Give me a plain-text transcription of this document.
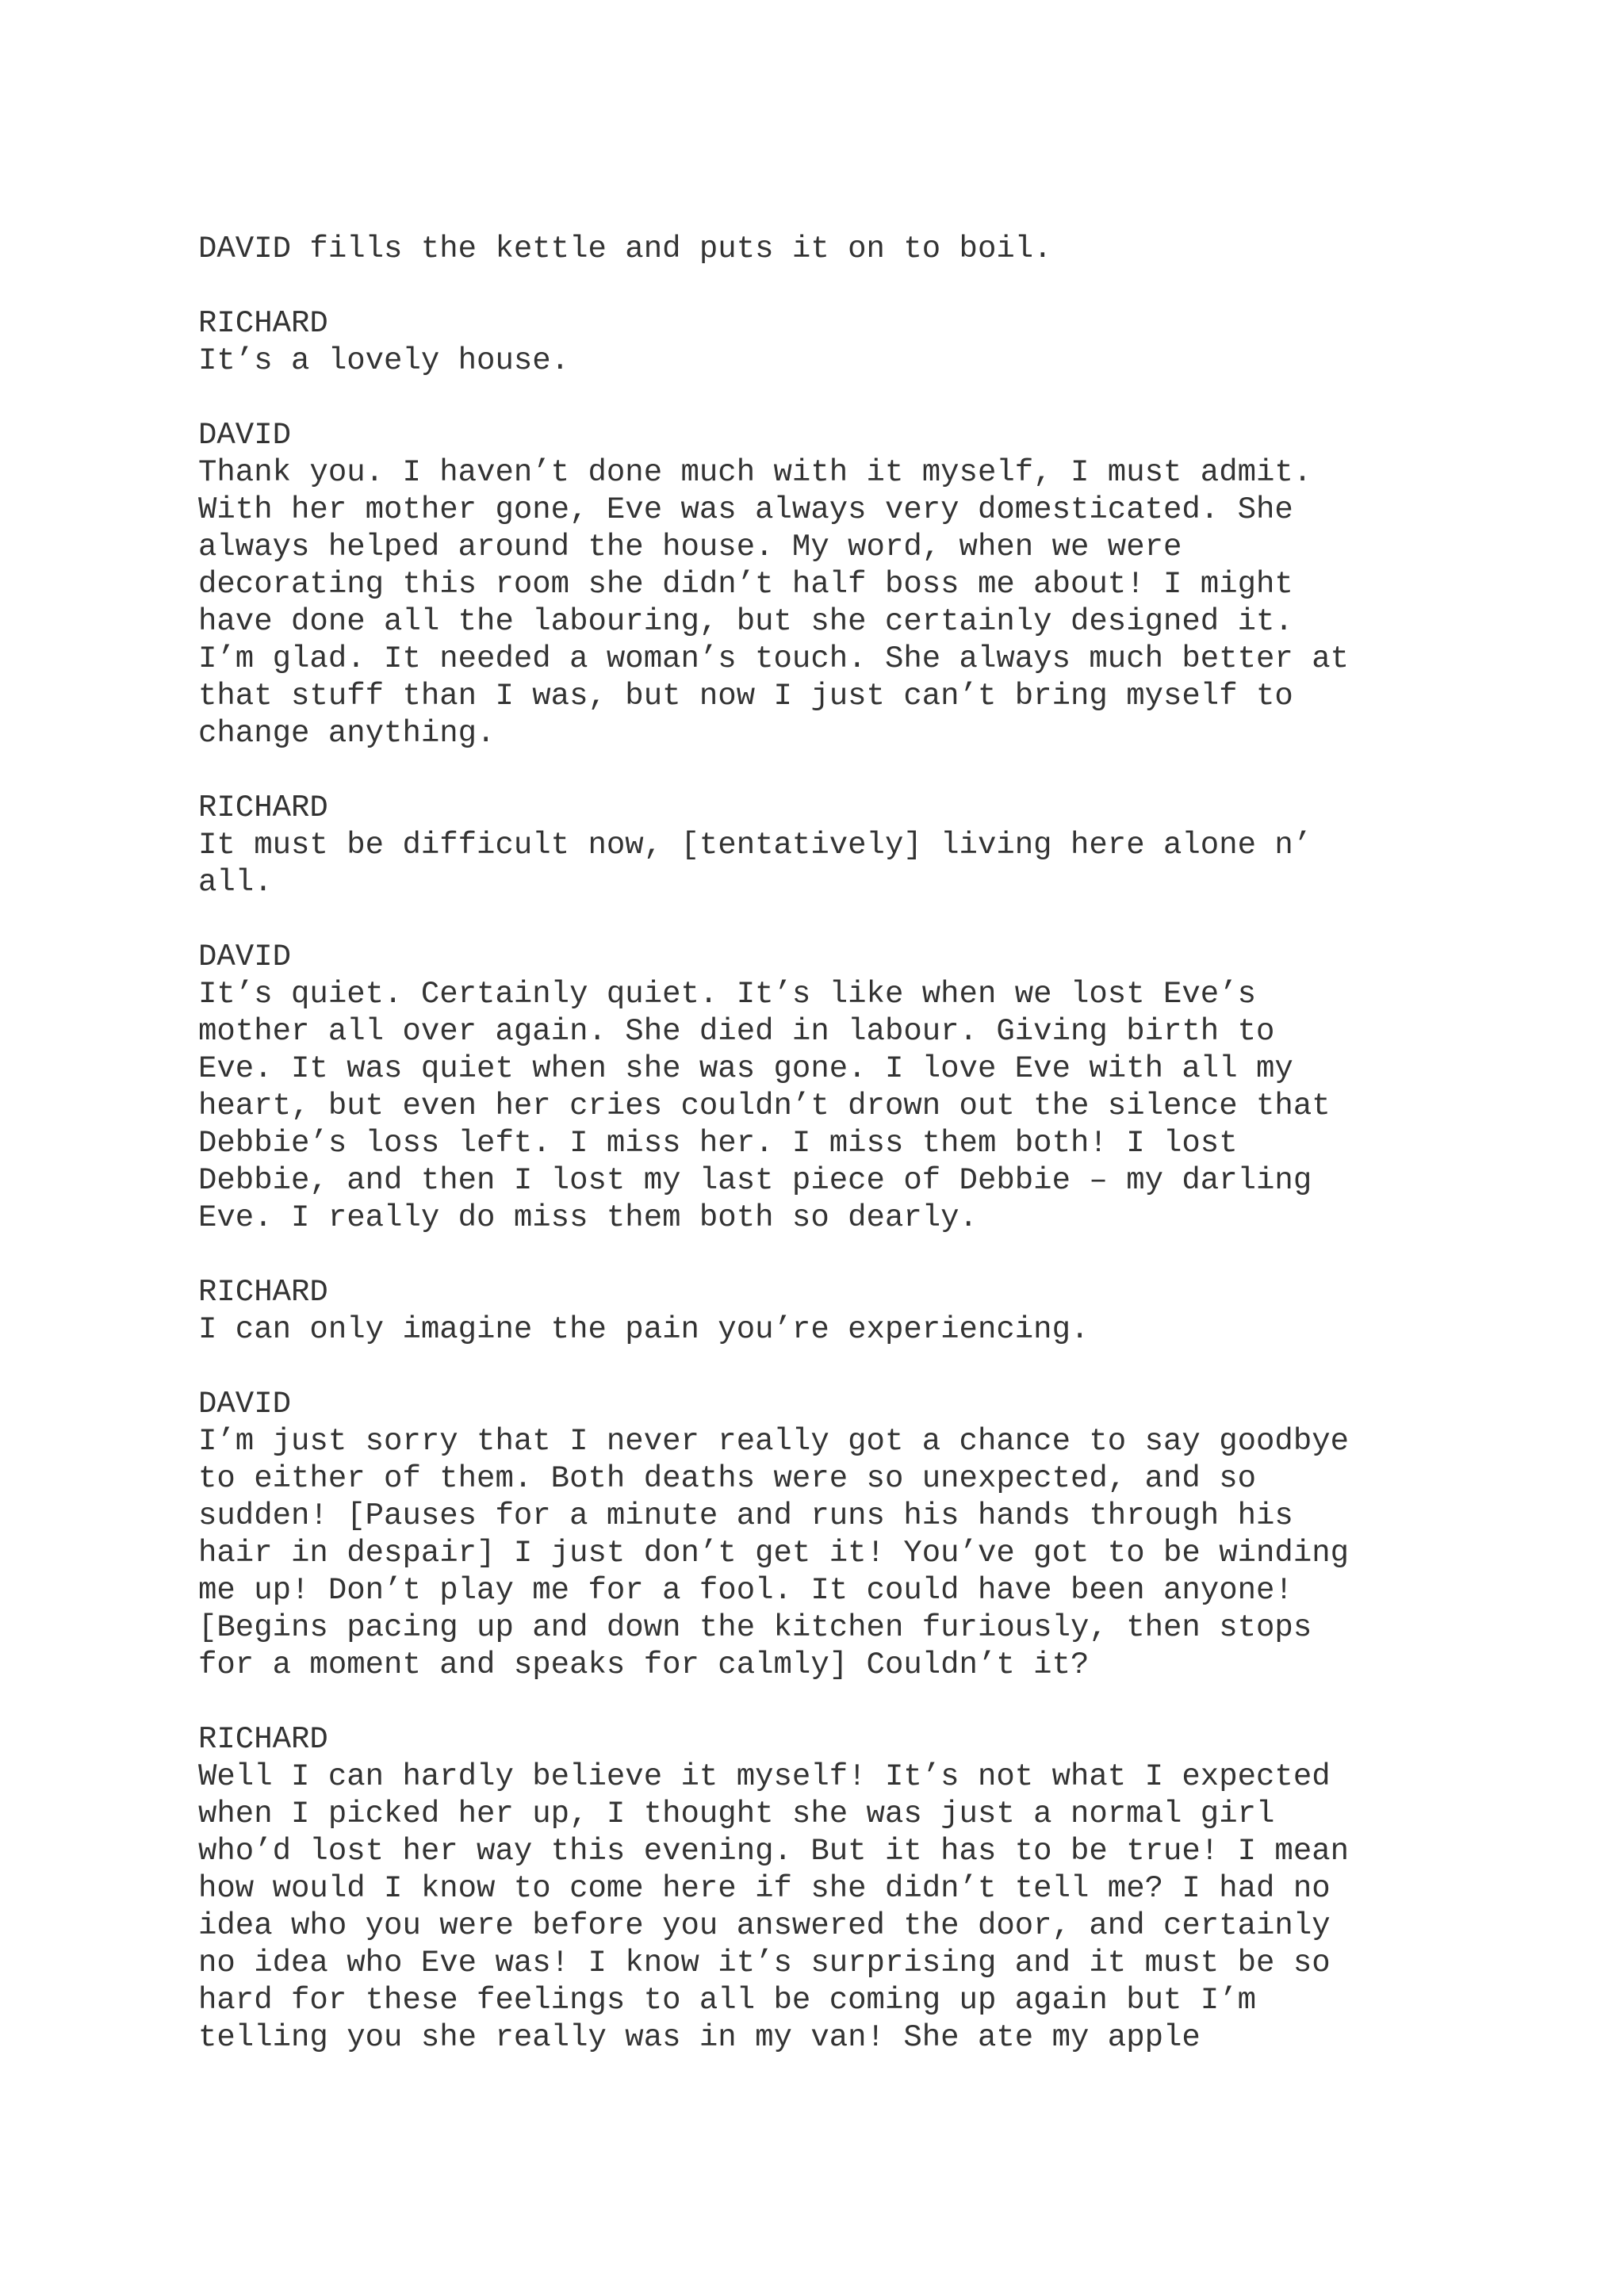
DAVID fills the kettle and puts it on to boil.
RICHARD
It’s a lovely house.
DAVID
Thank you. I haven’t done much with it myself, I must admit.
With her mother gone, Eve was always very domesticated. She
always helped around the house. My word, when we were
decorating this room she didn’t half boss me about! I might
have done all the labouring, but she certainly designed it.
I’m glad. It needed a woman’s touch. She always much better at
that stuff than I was, but now I just can’t bring myself to
change anything.
RICHARD
It must be difficult now, [tentatively] living here alone n’
all.
DAVID
It’s quiet. Certainly quiet. It’s like when we lost Eve’s
mother all over again. She died in labour. Giving birth to
Eve. It was quiet when she was gone. I love Eve with all my
heart, but even her cries couldn’t drown out the silence that
Debbie’s loss left. I miss her. I miss them both! I lost
Debbie, and then I lost my last piece of Debbie – my darling
Eve. I really do miss them both so dearly.
RICHARD
I can only imagine the pain you’re experiencing.
DAVID
I’m just sorry that I never really got a chance to say goodbye
to either of them. Both deaths were so unexpected, and so
sudden! [Pauses for a minute and runs his hands through his
hair in despair] I just don’t get it! You’ve got to be winding
me up! Don’t play me for a fool. It could have been anyone!
[Begins pacing up and down the kitchen furiously, then stops
for a moment and speaks for calmly] Couldn’t it?
RICHARD
Well I can hardly believe it myself! It’s not what I expected
when I picked her up, I thought she was just a normal girl
who’d lost her way this evening. But it has to be true! I mean
how would I know to come here if she didn’t tell me? I had no
idea who you were before you answered the door, and certainly
no idea who Eve was! I know it’s surprising and it must be so
hard for these feelings to all be coming up again but I’m
telling you she really was in my van! She ate my apple
